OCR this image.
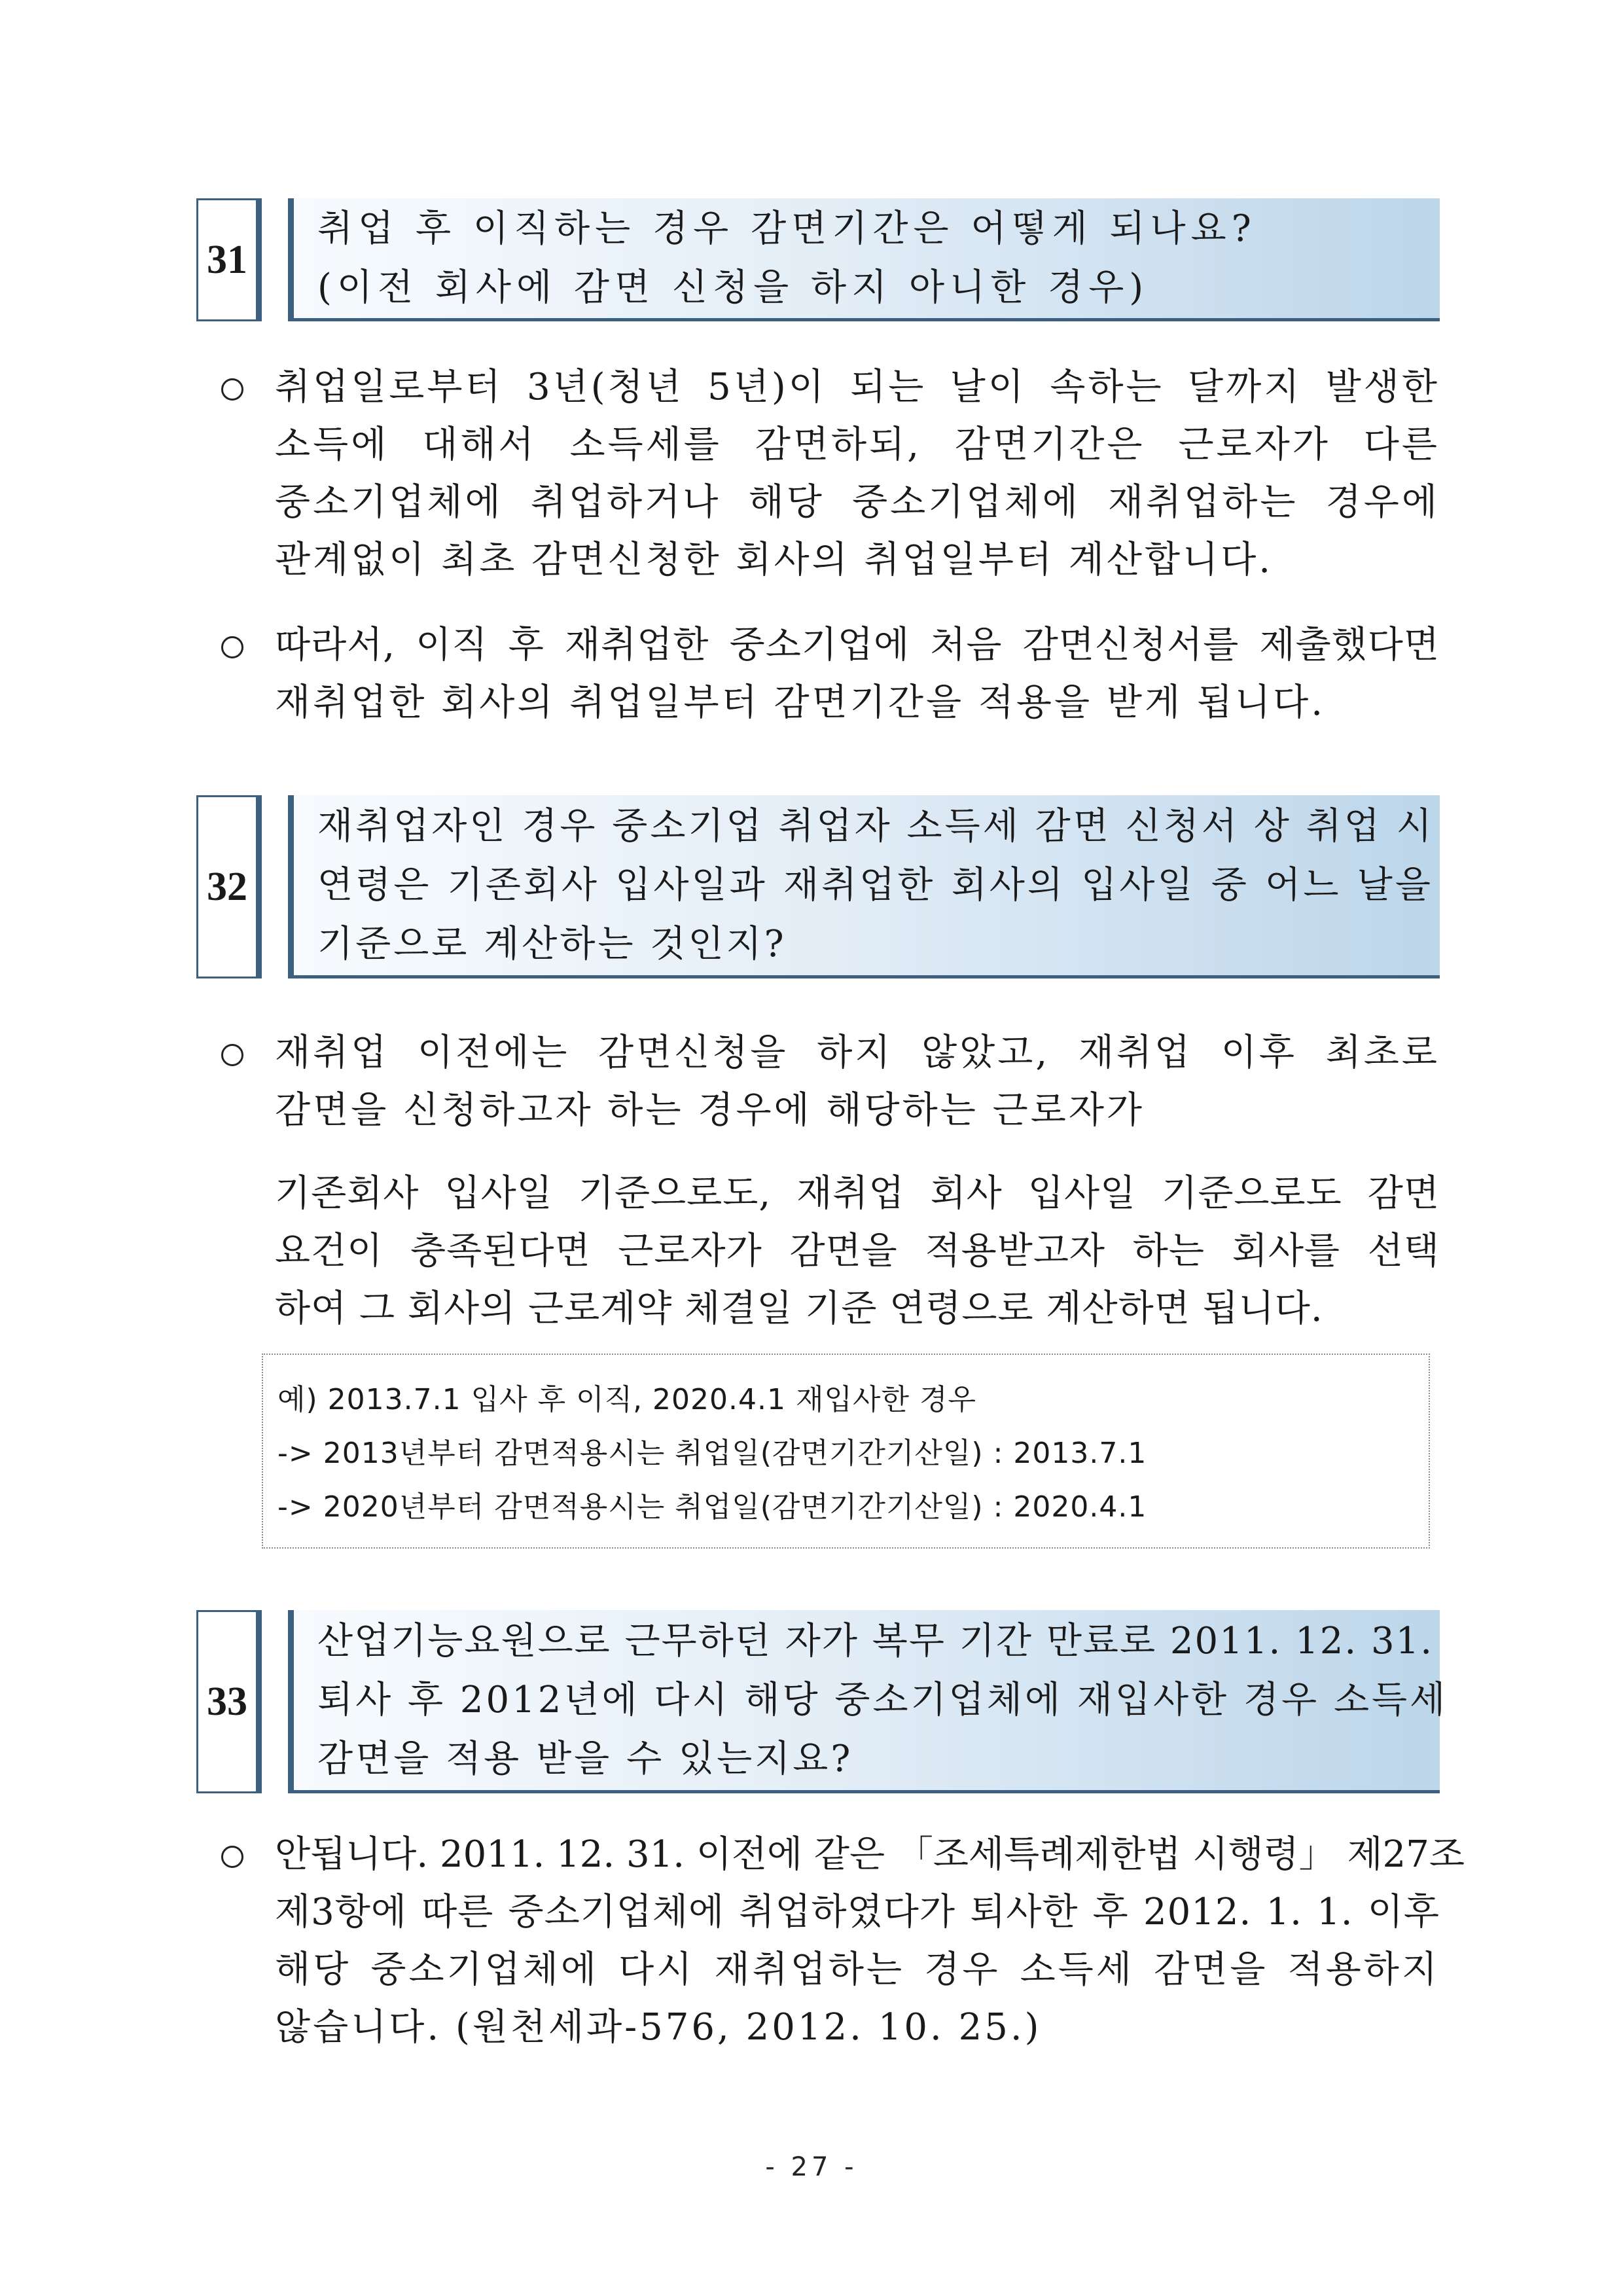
31
취업 후 이직하는 경우 감면기간은 어떻게 되나요?
(이전 회사에 감면 신청을 하지 아니한 경우)
취업일로부터 3년(청년 5년)이 되는 날이 속하는 달까지 발생한
소득에 대해서 소득세를 감면하되, 감면기간은 근로자가 다른
중소기업체에 취업하거나 해당 중소기업체에 재취업하는 경우에
관계없이 최초 감면신청한 회사의 취업일부터 계산합니다.
따라서, 이직 후 재취업한 중소기업에 처음 감면신청서를 제출했다면
재취업한 회사의 취업일부터 감면기간을 적용을 받게 됩니다.
32
재취업자인 경우 중소기업 취업자 소득세 감면 신청서 상 취업 시
연령은 기존회사 입사일과 재취업한 회사의 입사일 중 어느 날을
기준으로 계산하는 것인지?
재취업 이전에는 감면신청을 하지 않았고, 재취업 이후 최초로
감면을 신청하고자 하는 경우에 해당하는 근로자가
기존회사 입사일 기준으로도, 재취업 회사 입사일 기준으로도 감면
요건이 충족된다면 근로자가 감면을 적용받고자 하는 회사를 선택
하여 그 회사의 근로계약 체결일 기준 연령으로 계산하면 됩니다.
예) 2013.7.1 입사 후 이직, 2020.4.1 재입사한 경우
-> 2013년부터 감면적용시는 취업일(감면기간기산일) : 2013.7.1
-> 2020년부터 감면적용시는 취업일(감면기간기산일) : 2020.4.1
33
산업기능요원으로 근무하던 자가 복무 기간 만료로 2011. 12. 31.
퇴사 후 2012년에 다시 해당 중소기업체에 재입사한 경우 소득세
감면을 적용 받을 수 있는지요?
안됩니다. 2011. 12. 31. 이전에 같은 「조세특례제한법 시행령」 제27조
제3항에 따른 중소기업체에 취업하였다가 퇴사한 후 2012. 1. 1. 이후
해당 중소기업체에 다시 재취업하는 경우 소득세 감면을 적용하지
않습니다. (원천세과-576, 2012. 10. 25.)
- 27 -
